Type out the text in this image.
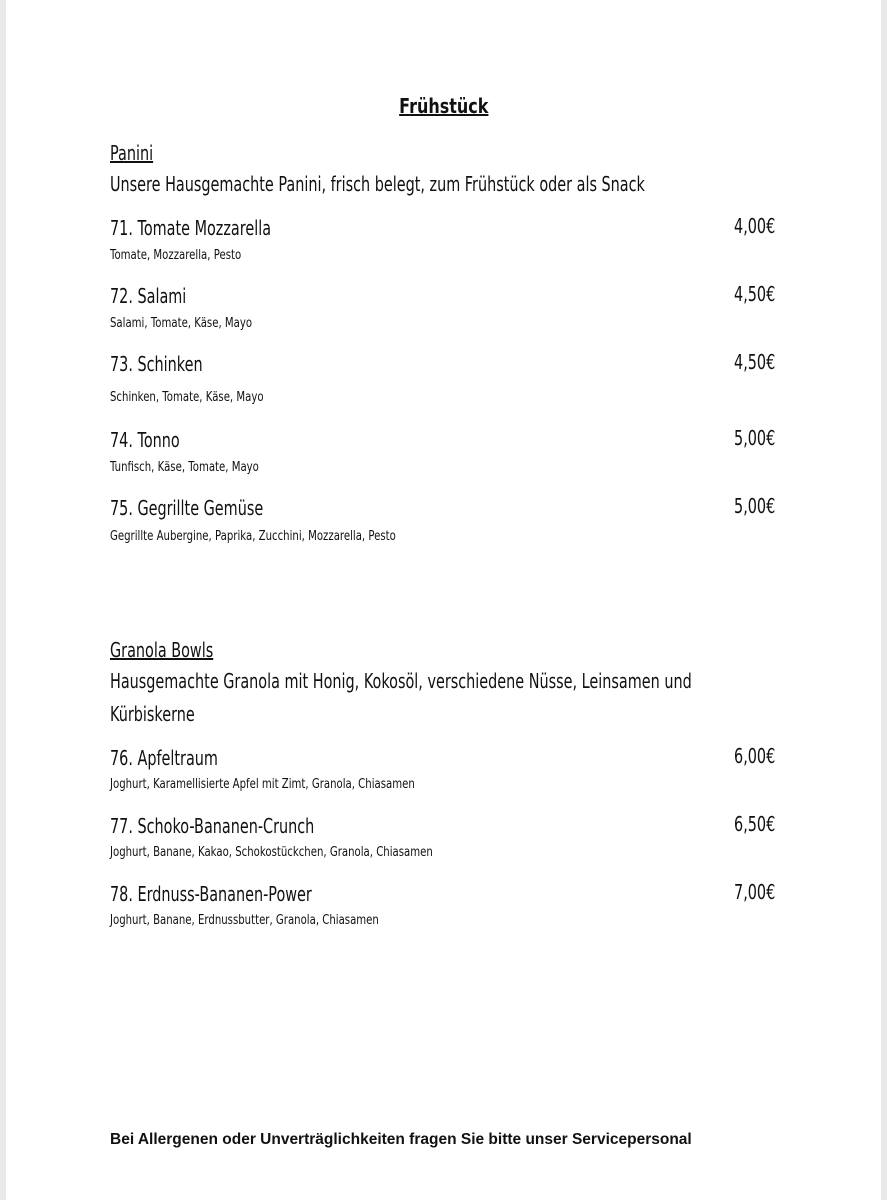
Frühstück
Panini
Unsere Hausgemachte Panini, frisch belegt, zum Frühstück oder als Snack
71. Tomate Mozzarella	4,00€
Tomate, Mozzarella, Pesto
72. Salami	4,50€
Salami, Tomate, Käse, Mayo
73. Schinken	4,50€
Schinken, Tomate, Käse, Mayo
74. Tonno	5,00€
Tunfisch, Käse, Tomate, Mayo
75. Gegrillte Gemüse	5,00€
Gegrillte Aubergine, Paprika, Zucchini, Mozzarella, Pesto
Granola Bowls
Hausgemachte Granola mit Honig, Kokosöl, verschiedene Nüsse, Leinsamen und
Kürbiskerne
76. Apfeltraum	6,00€
Joghurt, Karamellisierte Apfel mit Zimt, Granola, Chiasamen
77. Schoko-Bananen-Crunch	6,50€
Joghurt, Banane, Kakao, Schokostückchen, Granola, Chiasamen
78. Erdnuss-Bananen-Power	7,00€
Joghurt, Banane, Erdnussbutter, Granola, Chiasamen
Bei Allergenen oder Unverträglichkeiten fragen Sie bitte unser Servicepersonal
